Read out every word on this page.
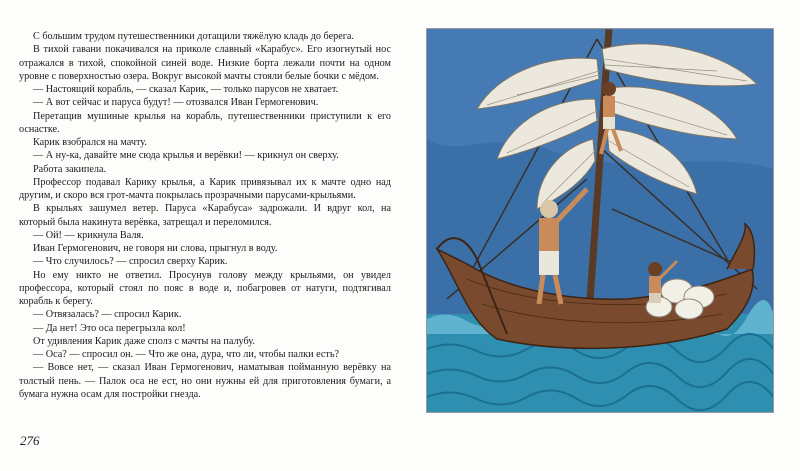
С большим трудом путешественники дотащили тяжёлую кладь до берега.

В тихой гавани покачивался на приколе славный «Карабус». Его изогнутый нос отражался в тихой, спокойной синей воде. Низкие борта лежали почти на одном уровне с поверхностью озера. Вокруг высокой мачты стояли белые бочки с мёдом.

— Настоящий корабль, — сказал Карик, — только парусов не хватает.

— А вот сейчас и паруса будут! — отозвался Иван Гермогенович.

Перетащив мушиные крылья на корабль, путешественники приступили к его оснастке.

Карик взобрался на мачту.

— А ну-ка, давайте мне сюда крылья и верёвки! — крикнул он сверху.

Работа закипела.

Профессор подавал Карику крылья, а Карик привязывал их к мачте одно над другим, и скоро вся грот-мачта покрылась прозрачными парусами-крыльями.

В крыльях зашумел ветер. Паруса «Карабуса» задрожали. И вдруг кол, на который была накинута верёвка, затрещал и переломился.

— Ой! — крикнула Валя.

Иван Гермогенович, не говоря ни слова, прыгнул в воду.

— Что случилось? — спросил сверху Карик.

Но ему никто не ответил. Просунув голову между крыльями, он увидел профессора, который стоял по пояс в воде и, побагровев от натуги, подтягивал корабль к берегу.

— Отвязалась? — спросил Карик.

— Да нет! Это оса перегрызла кол!

От удивления Карик даже сполз с мачты на палубу.

— Оса? — спросил он. — Что же она, дура, что ли, чтобы палки есть?

— Вовсе нет, — сказал Иван Гермогенович, наматывая пойманную верёвку на толстый пень. — Палок оса не ест, но они нужны ей для приготовления бумаги, а бумага нужна осам для постройки гнезда.

276
